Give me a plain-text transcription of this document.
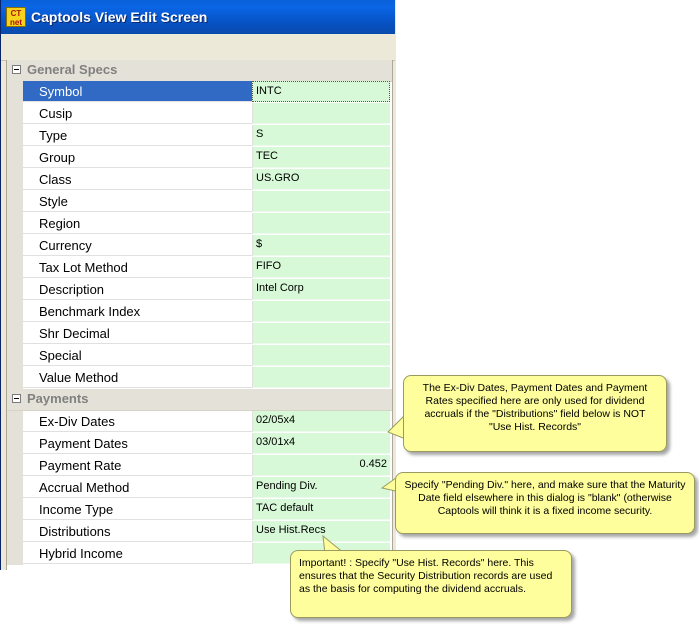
CT
net Captools View Edit Screen
General Specs
Symbol	INTC
Cusip
Type	S
Group	TEC
Class	US.GRO
Style
Region
Currency	$
Tax Lot Method	FIFO
Description	Intel Corp
Benchmark Index
Shr Decimal
Special
Value Method
Payments
Ex-Div Dates	02/05x4
Payment Dates	03/01x4
Payment Rate	0.452
Accrual Method	Pending Div.
Income Type	TAC default
Distributions	Use Hist.Recs
Hybrid Income
The Ex-Div Dates, Payment Dates and Payment Rates specified here are only used for dividend accruals if the "Distributions" field below is NOT "Use Hist. Records"
Specify "Pending Div." here, and make sure that the Maturity Date field elsewhere in this dialog is "blank" (otherwise Captools will think it is a fixed income security.
Important! : Specify "Use Hist. Records" here. This ensures that the Security Distribution records are used as the basis for computing the dividend accruals.
